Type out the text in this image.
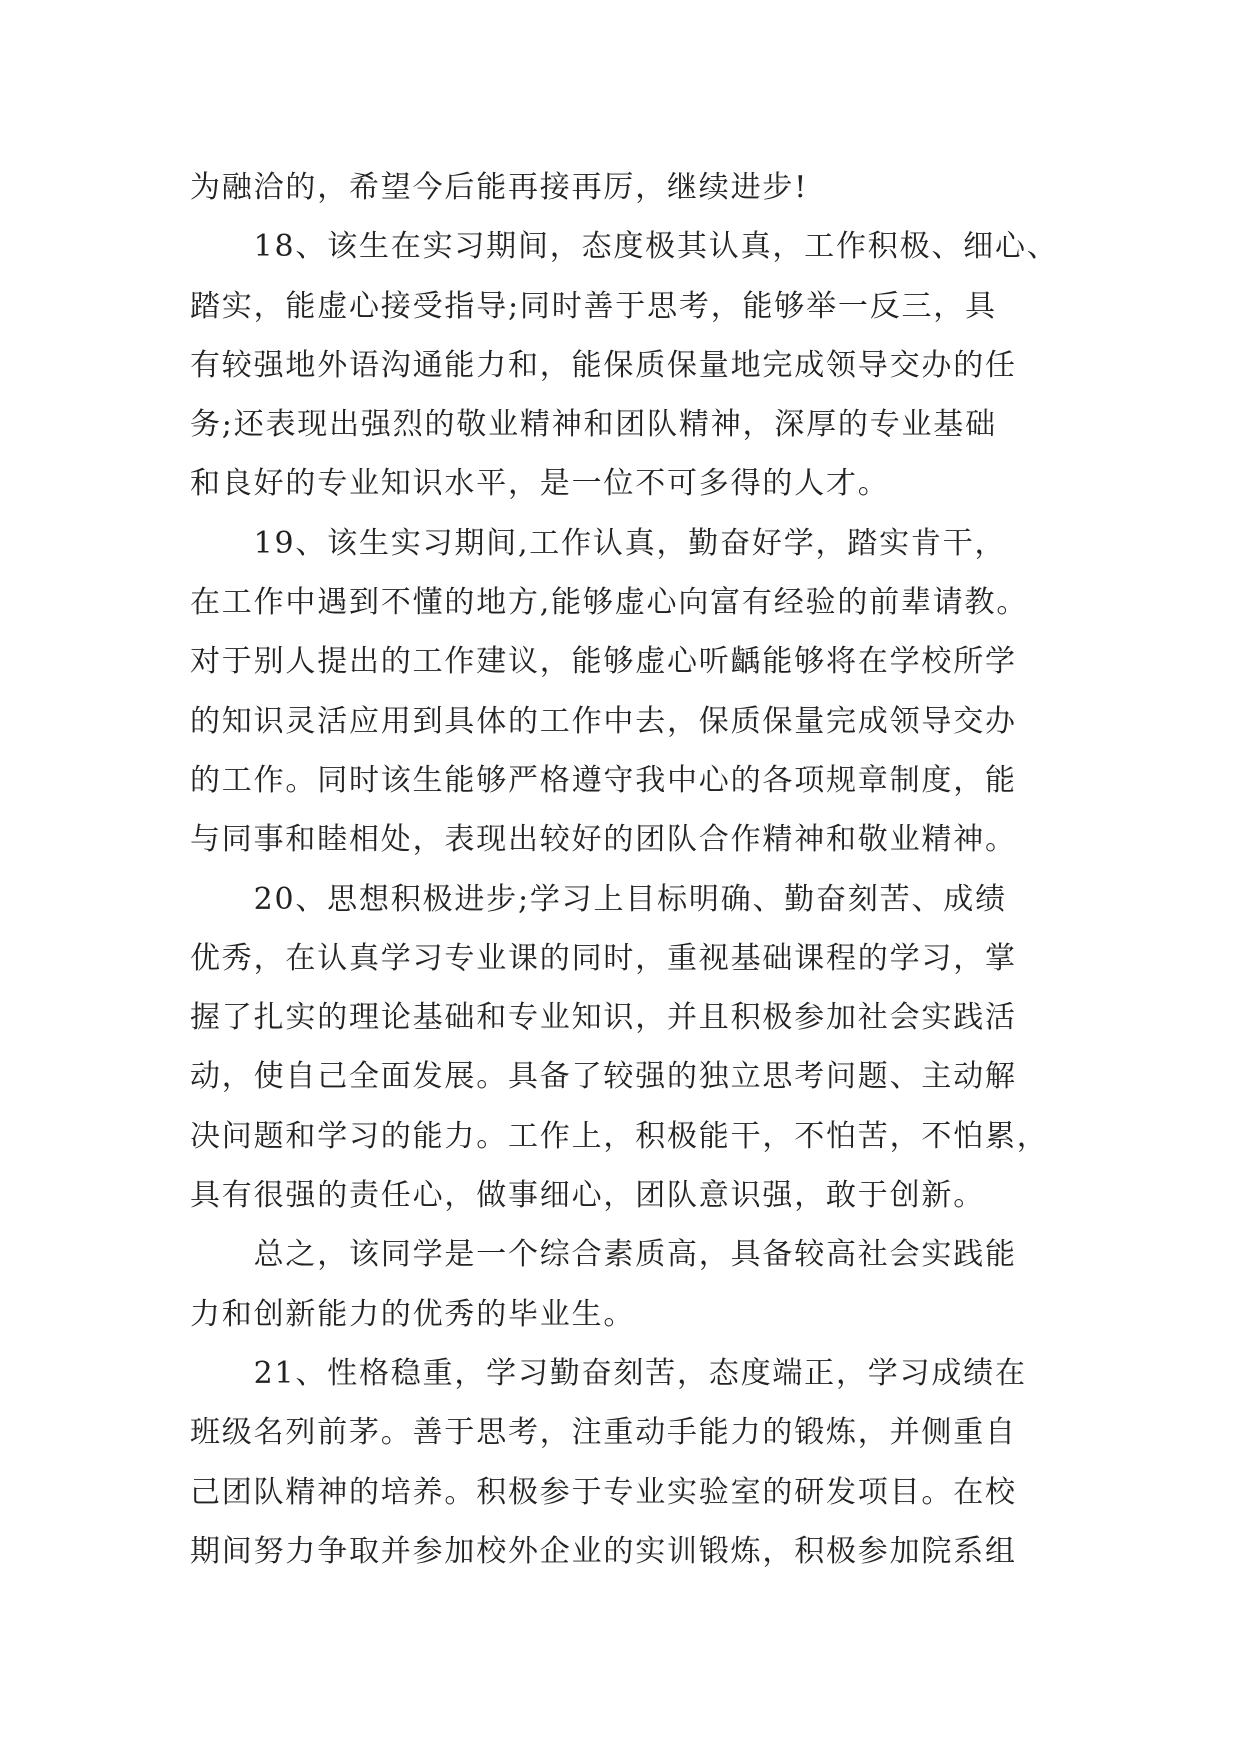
为融洽的，希望今后能再接再厉，继续进步!

　　18、该生在实习期间，态度极其认真，工作积极、细心、

踏实，能虚心接受指导;同时善于思考，能够举一反三，具

有较强地外语沟通能力和，能保质保量地完成领导交办的任

务;还表现出强烈的敬业精神和团队精神，深厚的专业基础

和良好的专业知识水平，是一位不可多得的人才。

　　19、该生实习期间,工作认真，勤奋好学，踏实肯干，

在工作中遇到不懂的地方,能够虚心向富有经验的前辈请教。

对于别人提出的工作建议，能够虚心听齲能够将在学校所学

的知识灵活应用到具体的工作中去，保质保量完成领导交办

的工作。同时该生能够严格遵守我中心的各项规章制度，能

与同事和睦相处，表现出较好的团队合作精神和敬业精神。

　　20、思想积极进步;学习上目标明确、勤奋刻苦、成绩

优秀，在认真学习专业课的同时，重视基础课程的学习，掌

握了扎实的理论基础和专业知识，并且积极参加社会实践活

动，使自己全面发展。具备了较强的独立思考问题、主动解

决问题和学习的能力。工作上，积极能干，不怕苦，不怕累，

具有很强的责任心，做事细心，团队意识强，敢于创新。

　　总之，该同学是一个综合素质高，具备较高社会实践能

力和创新能力的优秀的毕业生。

　　21、性格稳重，学习勤奋刻苦，态度端正，学习成绩在

班级名列前茅。善于思考，注重动手能力的锻炼，并侧重自

己团队精神的培养。积极参于专业实验室的研发项目。在校

期间努力争取并参加校外企业的实训锻炼，积极参加院系组
